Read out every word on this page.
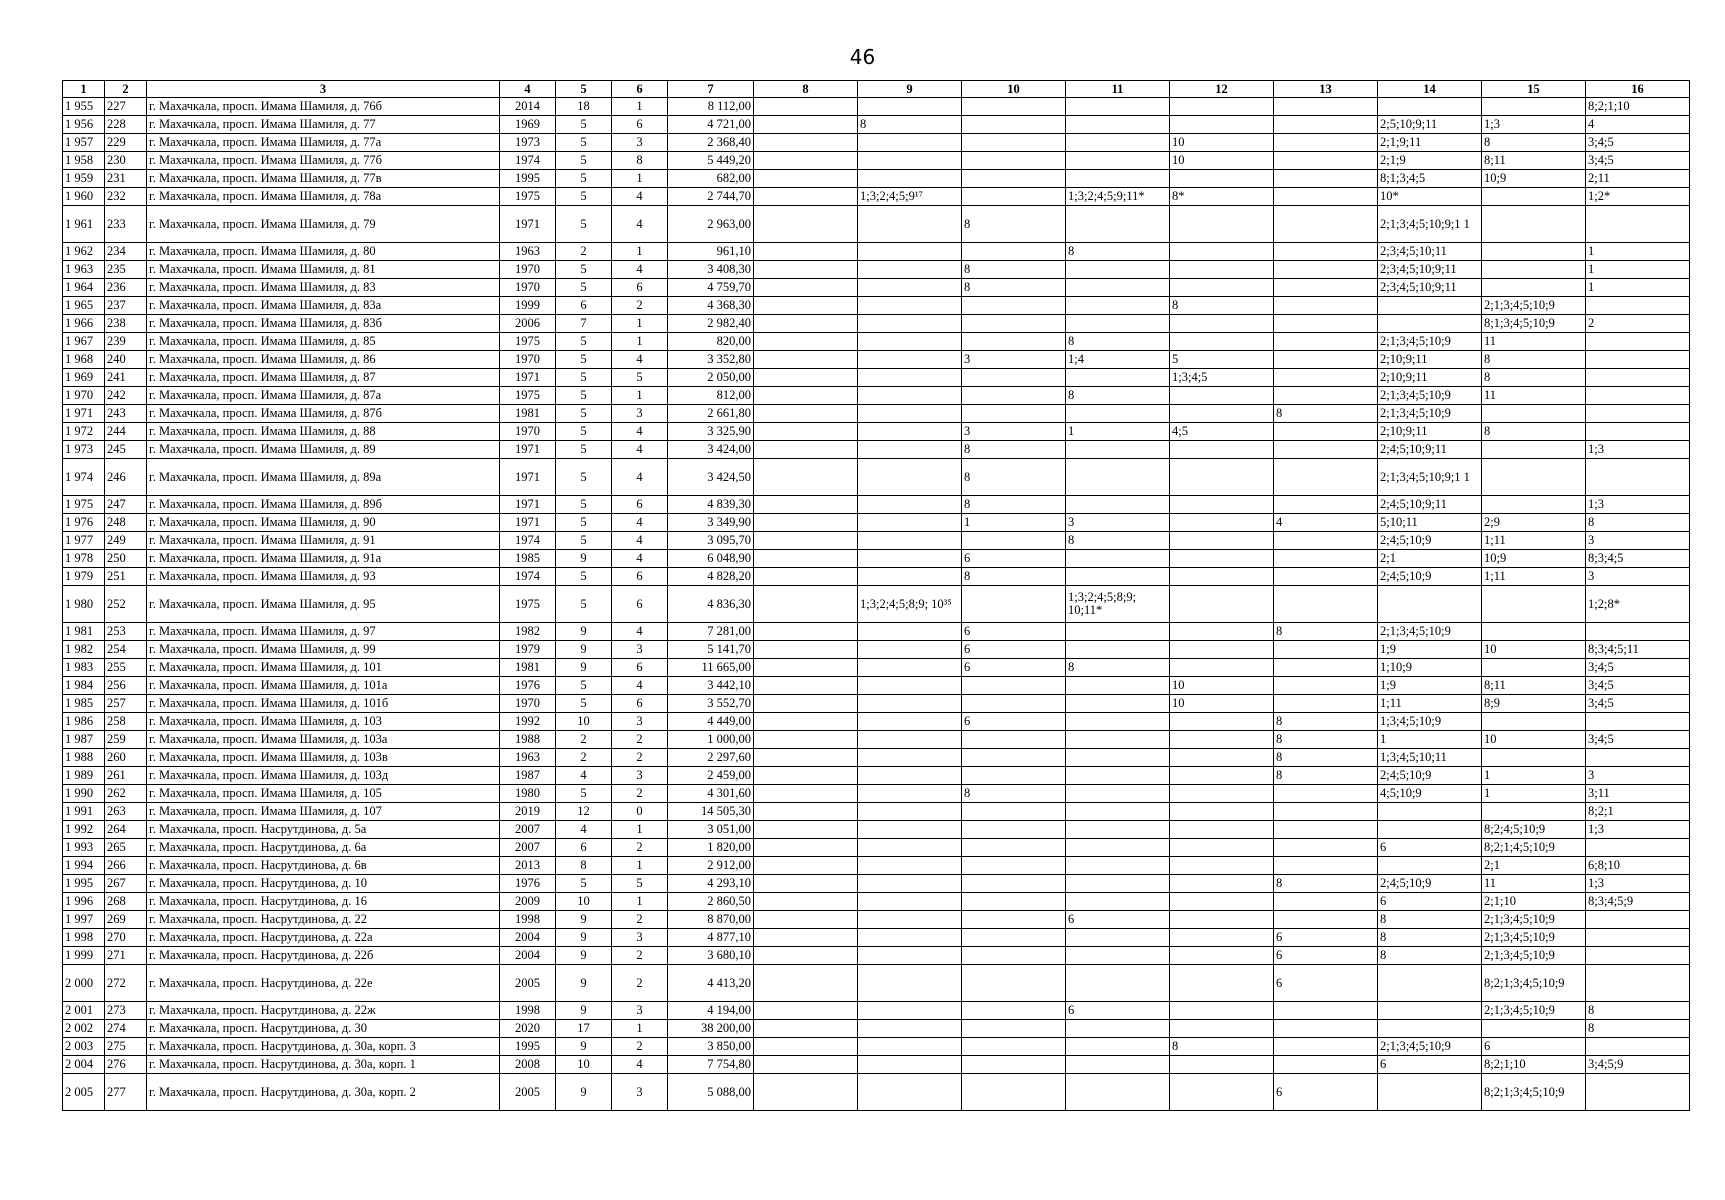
46
1	2	3	4	5	6	7	8	9	10	11	12	13	14	15	16
1 955	227	г. Махачкала, просп. Имама Шамиля, д. 76б	2014	18	1	8 112,00									8;2;1;10
1 956	228	г. Махачкала, просп. Имама Шамиля, д. 77	1969	5	6	4 721,00		8					2;5;10;9;11	1;3	4
1 957	229	г. Махачкала, просп. Имама Шамиля, д. 77а	1973	5	3	2 368,40					10		2;1;9;11	8	3;4;5
1 958	230	г. Махачкала, просп. Имама Шамиля, д. 77б	1974	5	8	5 449,20					10		2;1;9	8;11	3;4;5
1 959	231	г. Махачкала, просп. Имама Шамиля, д. 77в	1995	5	1	682,00							8;1;3;4;5	10;9	2;11
1 960	232	г. Махачкала, просп. Имама Шамиля, д. 78а	1975	5	4	2 744,70		1;3;2;4;5;9¹⁷		1;3;2;4;5;9;11*	8*		10*		1;2*
1 961	233	г. Махачкала, просп. Имама Шамиля, д. 79	1971	5	4	2 963,00			8				2;1;3;4;5;10;9;1 1		
1 962	234	г. Махачкала, просп. Имама Шамиля, д. 80	1963	2	1	961,10				8			2;3;4;5;10;11		1
1 963	235	г. Махачкала, просп. Имама Шамиля, д. 81	1970	5	4	3 408,30			8				2;3;4;5;10;9;11		1
1 964	236	г. Махачкала, просп. Имама Шамиля, д. 83	1970	5	6	4 759,70			8				2;3;4;5;10;9;11		1
1 965	237	г. Махачкала, просп. Имама Шамиля, д. 83а	1999	6	2	4 368,30					8			2;1;3;4;5;10;9	
1 966	238	г. Махачкала, просп. Имама Шамиля, д. 83б	2006	7	1	2 982,40								8;1;3;4;5;10;9	2
1 967	239	г. Махачкала, просп. Имама Шамиля, д. 85	1975	5	1	820,00				8			2;1;3;4;5;10;9	11	
1 968	240	г. Махачкала, просп. Имама Шамиля, д. 86	1970	5	4	3 352,80			3	1;4	5		2;10;9;11	8	
1 969	241	г. Махачкала, просп. Имама Шамиля, д. 87	1971	5	5	2 050,00					1;3;4;5		2;10;9;11	8	
1 970	242	г. Махачкала, просп. Имама Шамиля, д. 87а	1975	5	1	812,00				8			2;1;3;4;5;10;9	11	
1 971	243	г. Махачкала, просп. Имама Шамиля, д. 87б	1981	5	3	2 661,80						8	2;1;3;4;5;10;9		
1 972	244	г. Махачкала, просп. Имама Шамиля, д. 88	1970	5	4	3 325,90			3	1	4;5		2;10;9;11	8	
1 973	245	г. Махачкала, просп. Имама Шамиля, д. 89	1971	5	4	3 424,00			8				2;4;5;10;9;11		1;3
1 974	246	г. Махачкала, просп. Имама Шамиля, д. 89а	1971	5	4	3 424,50			8				2;1;3;4;5;10;9;1 1		
1 975	247	г. Махачкала, просп. Имама Шамиля, д. 89б	1971	5	6	4 839,30			8				2;4;5;10;9;11		1;3
1 976	248	г. Махачкала, просп. Имама Шамиля, д. 90	1971	5	4	3 349,90			1	3		4	5;10;11	2;9	8
1 977	249	г. Махачкала, просп. Имама Шамиля, д. 91	1974	5	4	3 095,70				8			2;4;5;10;9	1;11	3
1 978	250	г. Махачкала, просп. Имама Шамиля, д. 91а	1985	9	4	6 048,90			6				2;1	10;9	8;3;4;5
1 979	251	г. Махачкала, просп. Имама Шамиля, д. 93	1974	5	6	4 828,20			8				2;4;5;10;9	1;11	3
1 980	252	г. Махачкала, просп. Имама Шамиля, д. 95	1975	5	6	4 836,30		1;3;2;4;5;8;9; 10³⁵		1;3;2;4;5;8;9; 10;11*					1;2;8*
1 981	253	г. Махачкала, просп. Имама Шамиля, д. 97	1982	9	4	7 281,00			6			8	2;1;3;4;5;10;9		
1 982	254	г. Махачкала, просп. Имама Шамиля, д. 99	1979	9	3	5 141,70			6				1;9	10	8;3;4;5;11
1 983	255	г. Махачкала, просп. Имама Шамиля, д. 101	1981	9	6	11 665,00			6	8			1;10;9		3;4;5
1 984	256	г. Махачкала, просп. Имама Шамиля, д. 101а	1976	5	4	3 442,10					10		1;9	8;11	3;4;5
1 985	257	г. Махачкала, просп. Имама Шамиля, д. 101б	1970	5	6	3 552,70					10		1;11	8;9	3;4;5
1 986	258	г. Махачкала, просп. Имама Шамиля, д. 103	1992	10	3	4 449,00			6			8	1;3;4;5;10;9		
1 987	259	г. Махачкала, просп. Имама Шамиля, д. 103а	1988	2	2	1 000,00						8	1	10	3;4;5
1 988	260	г. Махачкала, просп. Имама Шамиля, д. 103в	1963	2	2	2 297,60						8	1;3;4;5;10;11		
1 989	261	г. Махачкала, просп. Имама Шамиля, д. 103д	1987	4	3	2 459,00						8	2;4;5;10;9	1	3
1 990	262	г. Махачкала, просп. Имама Шамиля, д. 105	1980	5	2	4 301,60			8				4;5;10;9	1	3;11
1 991	263	г. Махачкала, просп. Имама Шамиля, д. 107	2019	12	0	14 505,30									8;2;1
1 992	264	г. Махачкала, просп. Насрутдинова, д. 5а	2007	4	1	3 051,00								8;2;4;5;10;9	1;3
1 993	265	г. Махачкала, просп. Насрутдинова, д. 6а	2007	6	2	1 820,00							6	8;2;1;4;5;10;9	
1 994	266	г. Махачкала, просп. Насрутдинова, д. 6в	2013	8	1	2 912,00								2;1	6;8;10
1 995	267	г. Махачкала, просп. Насрутдинова, д. 10	1976	5	5	4 293,10						8	2;4;5;10;9	11	1;3
1 996	268	г. Махачкала, просп. Насрутдинова, д. 16	2009	10	1	2 860,50							6	2;1;10	8;3;4;5;9
1 997	269	г. Махачкала, просп. Насрутдинова, д. 22	1998	9	2	8 870,00				6			8	2;1;3;4;5;10;9	
1 998	270	г. Махачкала, просп. Насрутдинова, д. 22а	2004	9	3	4 877,10						6	8	2;1;3;4;5;10;9	
1 999	271	г. Махачкала, просп. Насрутдинова, д. 22б	2004	9	2	3 680,10						6	8	2;1;3;4;5;10;9	
2 000	272	г. Махачкала, просп. Насрутдинова, д. 22е	2005	9	2	4 413,20						6		8;2;1;3;4;5;10;9	
2 001	273	г. Махачкала, просп. Насрутдинова, д. 22ж	1998	9	3	4 194,00				6				2;1;3;4;5;10;9	8
2 002	274	г. Махачкала, просп. Насрутдинова, д. 30	2020	17	1	38 200,00									8
2 003	275	г. Махачкала, просп. Насрутдинова, д. 30а, корп. 3	1995	9	2	3 850,00					8		2;1;3;4;5;10;9	6	
2 004	276	г. Махачкала, просп. Насрутдинова, д. 30а, корп. 1	2008	10	4	7 754,80							6	8;2;1;10	3;4;5;9
2 005	277	г. Махачкала, просп. Насрутдинова, д. 30а, корп. 2	2005	9	3	5 088,00						6		8;2;1;3;4;5;10;9	
